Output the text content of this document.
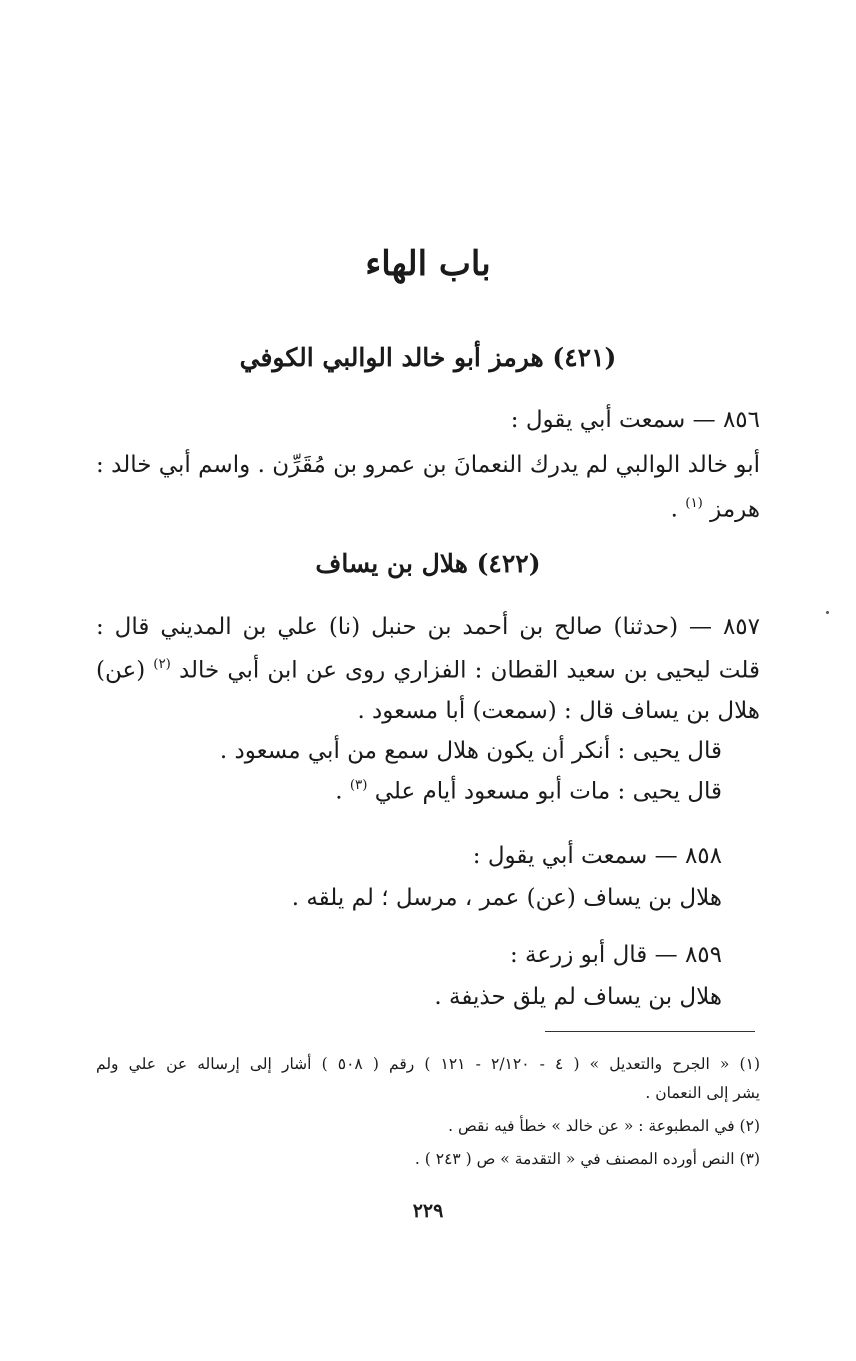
باب الهاء
(٤٢١) هرمز أبو خالد الوالبي الكوفي
٨٥٦ — سمعت أبي يقول :
أبو خالد الوالبي لم يدرك النعمانَ بن عمرو بن مُقَرِّن . واسم أبي خالد :
هرمز $^{(١)}$ .
(٤٢٢) هلال بن يساف
٨٥٧ — (حدثنا) صالح بن أحمد بن حنبل (نا) علي بن المديني قال :
قلت ليحيى بن سعيد القطان : الفزاري روى عن ابن أبي خالد $^{(٢)}$ (عن)
هلال بن يساف قال : (سمعت) أبا مسعود .
قال يحيى : أنكر أن يكون هلال سمع من أبي مسعود .
قال يحيى : مات أبو مسعود أيام علي $^{(٣)}$ .
٨٥٨ — سمعت أبي يقول :
هلال بن يساف (عن) عمر ، مرسل ؛ لم يلقه .
٨٥٩ — قال أبو زرعة :
هلال بن يساف لم يلق حذيفة .
(١) « الجرح والتعديل » ( ٤ - ٢/١٢٠ - ١٢١ ) رقم ( ٥٠٨ ) أشار إلى إرساله عن علي ولم
يشر إلى النعمان .
(٢) في المطبوعة : « عن خالد » خطأ فيه نقص .
(٣) النص أورده المصنف في « التقدمة » ص ( ٢٤٣ ) .
٢٢٩
